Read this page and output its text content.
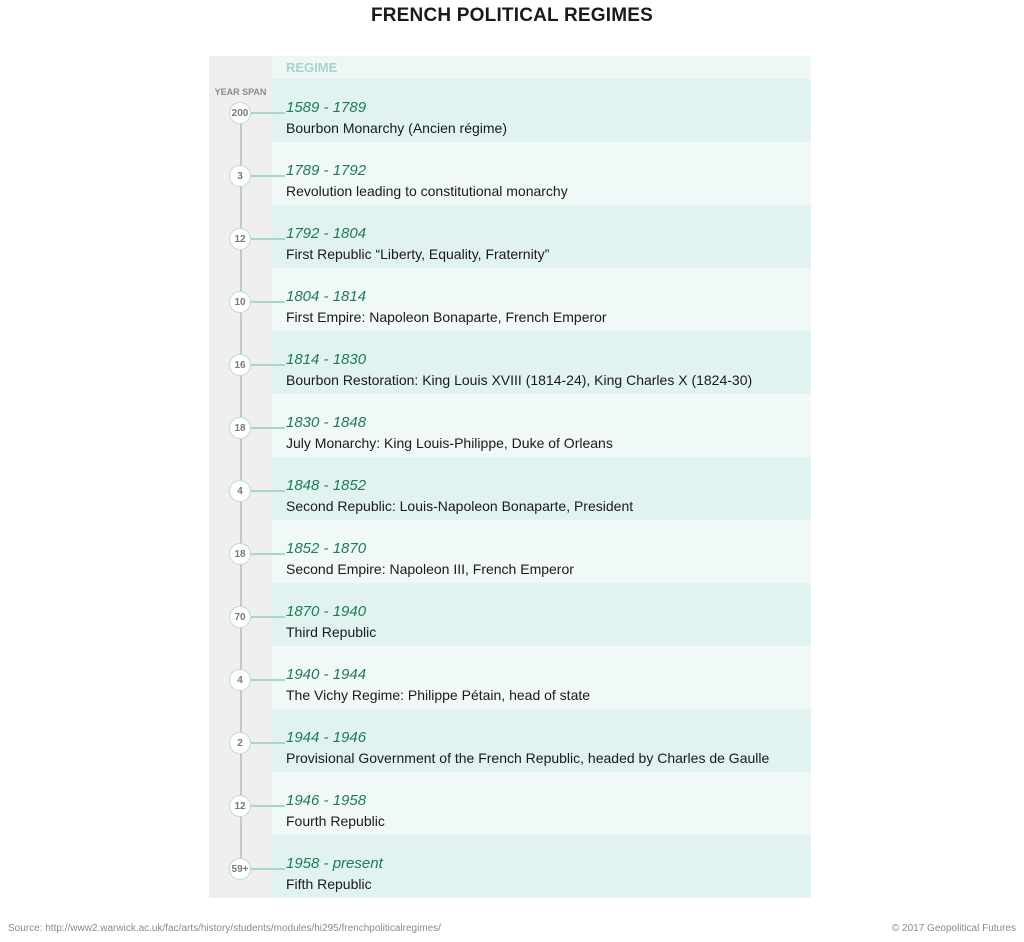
FRENCH POLITICAL REGIMES
REGIME
YEAR SPAN
200	1589 - 1789
Bourbon Monarchy (Ancien régime)
3	1789 - 1792
Revolution leading to constitutional monarchy
12	1792 - 1804
First Republic “Liberty, Equality, Fraternity”
10	1804 - 1814
First Empire: Napoleon Bonaparte, French Emperor
16	1814 - 1830
Bourbon Restoration: King Louis XVIII (1814-24), King Charles X (1824-30)
18	1830 - 1848
July Monarchy: King Louis-Philippe, Duke of Orleans
4	1848 - 1852
Second Republic: Louis-Napoleon Bonaparte, President
18	1852 - 1870
Second Empire: Napoleon III, French Emperor
70	1870 - 1940
Third Republic
4	1940 - 1944
The Vichy Regime: Philippe Pétain, head of state
2	1944 - 1946
Provisional Government of the French Republic, headed by Charles de Gaulle
12	1946 - 1958
Fourth Republic
59+	1958 - present
Fifth Republic
Source: http://www2.warwick.ac.uk/fac/arts/history/students/modules/hi295/frenchpoliticalregimes/	© 2017 Geopolitical Futures
